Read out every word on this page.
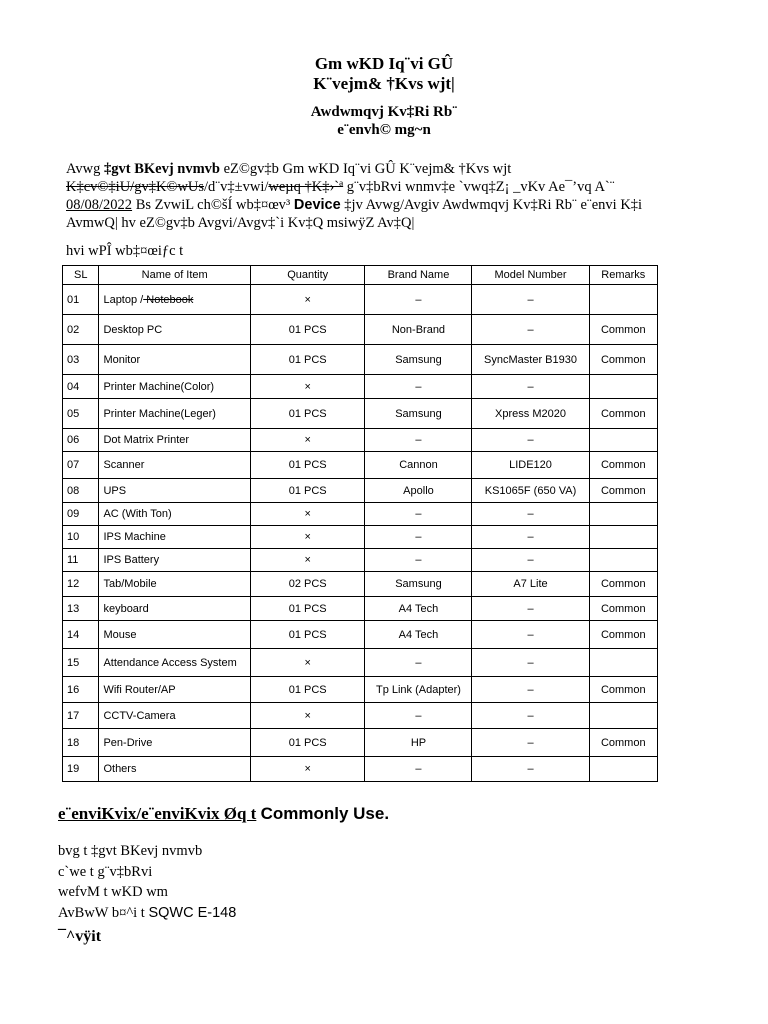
Gm wKD Iq¨vi GÛ
K¨vejm& †Kvs wjt|
Awdwmqvj Kv‡Ri Rb¨
e¨envh© mg~n
Avwg ‡gvt BKevj nvmvb eZ©gv‡b Gm wKD Iq¨vi GÛ K¨vejm& †Kvs wjt
K‡cv©‡iU/gv‡K©wUs/d¨v‡±vwi/weµq †K‡›`ª g¨v‡bRvi wnmv‡e `vwq‡Z¡ _vKv Ae¯’vq A`¨
08/08/2022 Bs ZvwiL ch©šÍ wb‡¤œv³ Device ‡jv Avwg/Avgiv Awdwmqvj Kv‡Ri Rb¨ e¨envi K‡i
AvmwQ| hv eZ©gv‡b Avgvi/Avgv‡`i Kv‡Q msiwÿZ Av‡Q|
hvi wPÎ wb‡¤œiƒc t
SL	Name of Item	Quantity	Brand Name	Model Number	Remarks
01	Laptop / Notebook	×	–	–	
02	Desktop PC	01 PCS	Non-Brand	–	Common
03	Monitor	01 PCS	Samsung	SyncMaster B1930	Common
04	Printer Machine(Color)	×	–	–	
05	Printer Machine(Leger)	01 PCS	Samsung	Xpress M2020	Common
06	Dot Matrix Printer	×	–	–	
07	Scanner	01 PCS	Cannon	LIDE120	Common
08	UPS	01 PCS	Apollo	KS1065F (650 VA)	Common
09	AC (With Ton)	×	–	–	
10	IPS Machine	×	–	–	
11	IPS Battery	×	–	–	
12	Tab/Mobile	02 PCS	Samsung	A7 Lite	Common
13	keyboard	01 PCS	A4 Tech	–	Common
14	Mouse	01 PCS	A4 Tech	–	Common
15	Attendance Access System	×	–	–	
16	Wifi Router/AP	01 PCS	Tp Link (Adapter)	–	Common
17	CCTV-Camera	×	–	–	
18	Pen-Drive	01 PCS	HP	–	Common
19	Others	×	–	–	
e¨enviKvix/e¨enviKvix Øq t Commonly Use.
bvg t ‡gvt BKevj nvmvb
c`we t g¨v‡bRvi
wefvM t wKD wm
AvBwW b¤^i t SQWC E-148
¯^vÿit
